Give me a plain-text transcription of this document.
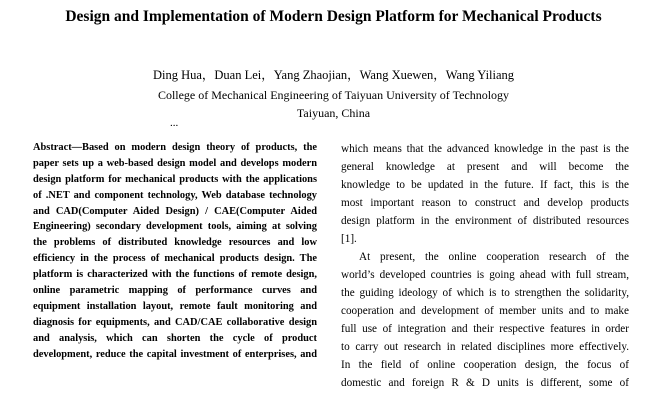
Design and Implementation of Modern Design Platform for Mechanical Products
Ding Hua，Duan Lei，Yang Zhaojian，Wang Xuewen，Wang Yiliang
College of Mechanical Engineering of Taiyuan University of Technology
Taiyuan, China
...
Abstract—Based on modern design theory of products, the
paper sets up a web-based design model and develops modern
design platform for mechanical products with the applications
of .NET and component technology, Web database technology
and CAD(Computer Aided Design) / CAE(Computer Aided
Engineering) secondary development tools, aiming at solving
the problems of distributed knowledge resources and low
efficiency in the process of mechanical products design. The
platform is characterized with the functions of remote design,
online parametric mapping of performance curves and
equipment installation layout, remote fault monitoring and
diagnosis for equipments, and CAD/CAE collaborative design
and analysis, which can shorten the cycle of product
development, reduce the capital investment of enterprises, and
which means that the advanced knowledge in the past is the
general knowledge at present and will become the
knowledge to be updated in the future. If fact, this is the
most important reason to construct and develop products
design platform in the environment of distributed resources
[1].
At present, the online cooperation research of the
world’s developed countries is going ahead with full stream,
the guiding ideology of which is to strengthen the solidarity,
cooperation and development of member units and to make
full use of integration and their respective features in order
to carry out research in related disciplines more effectively.
In the field of online cooperation design, the focus of
domestic and foreign R & D units is different, some of
